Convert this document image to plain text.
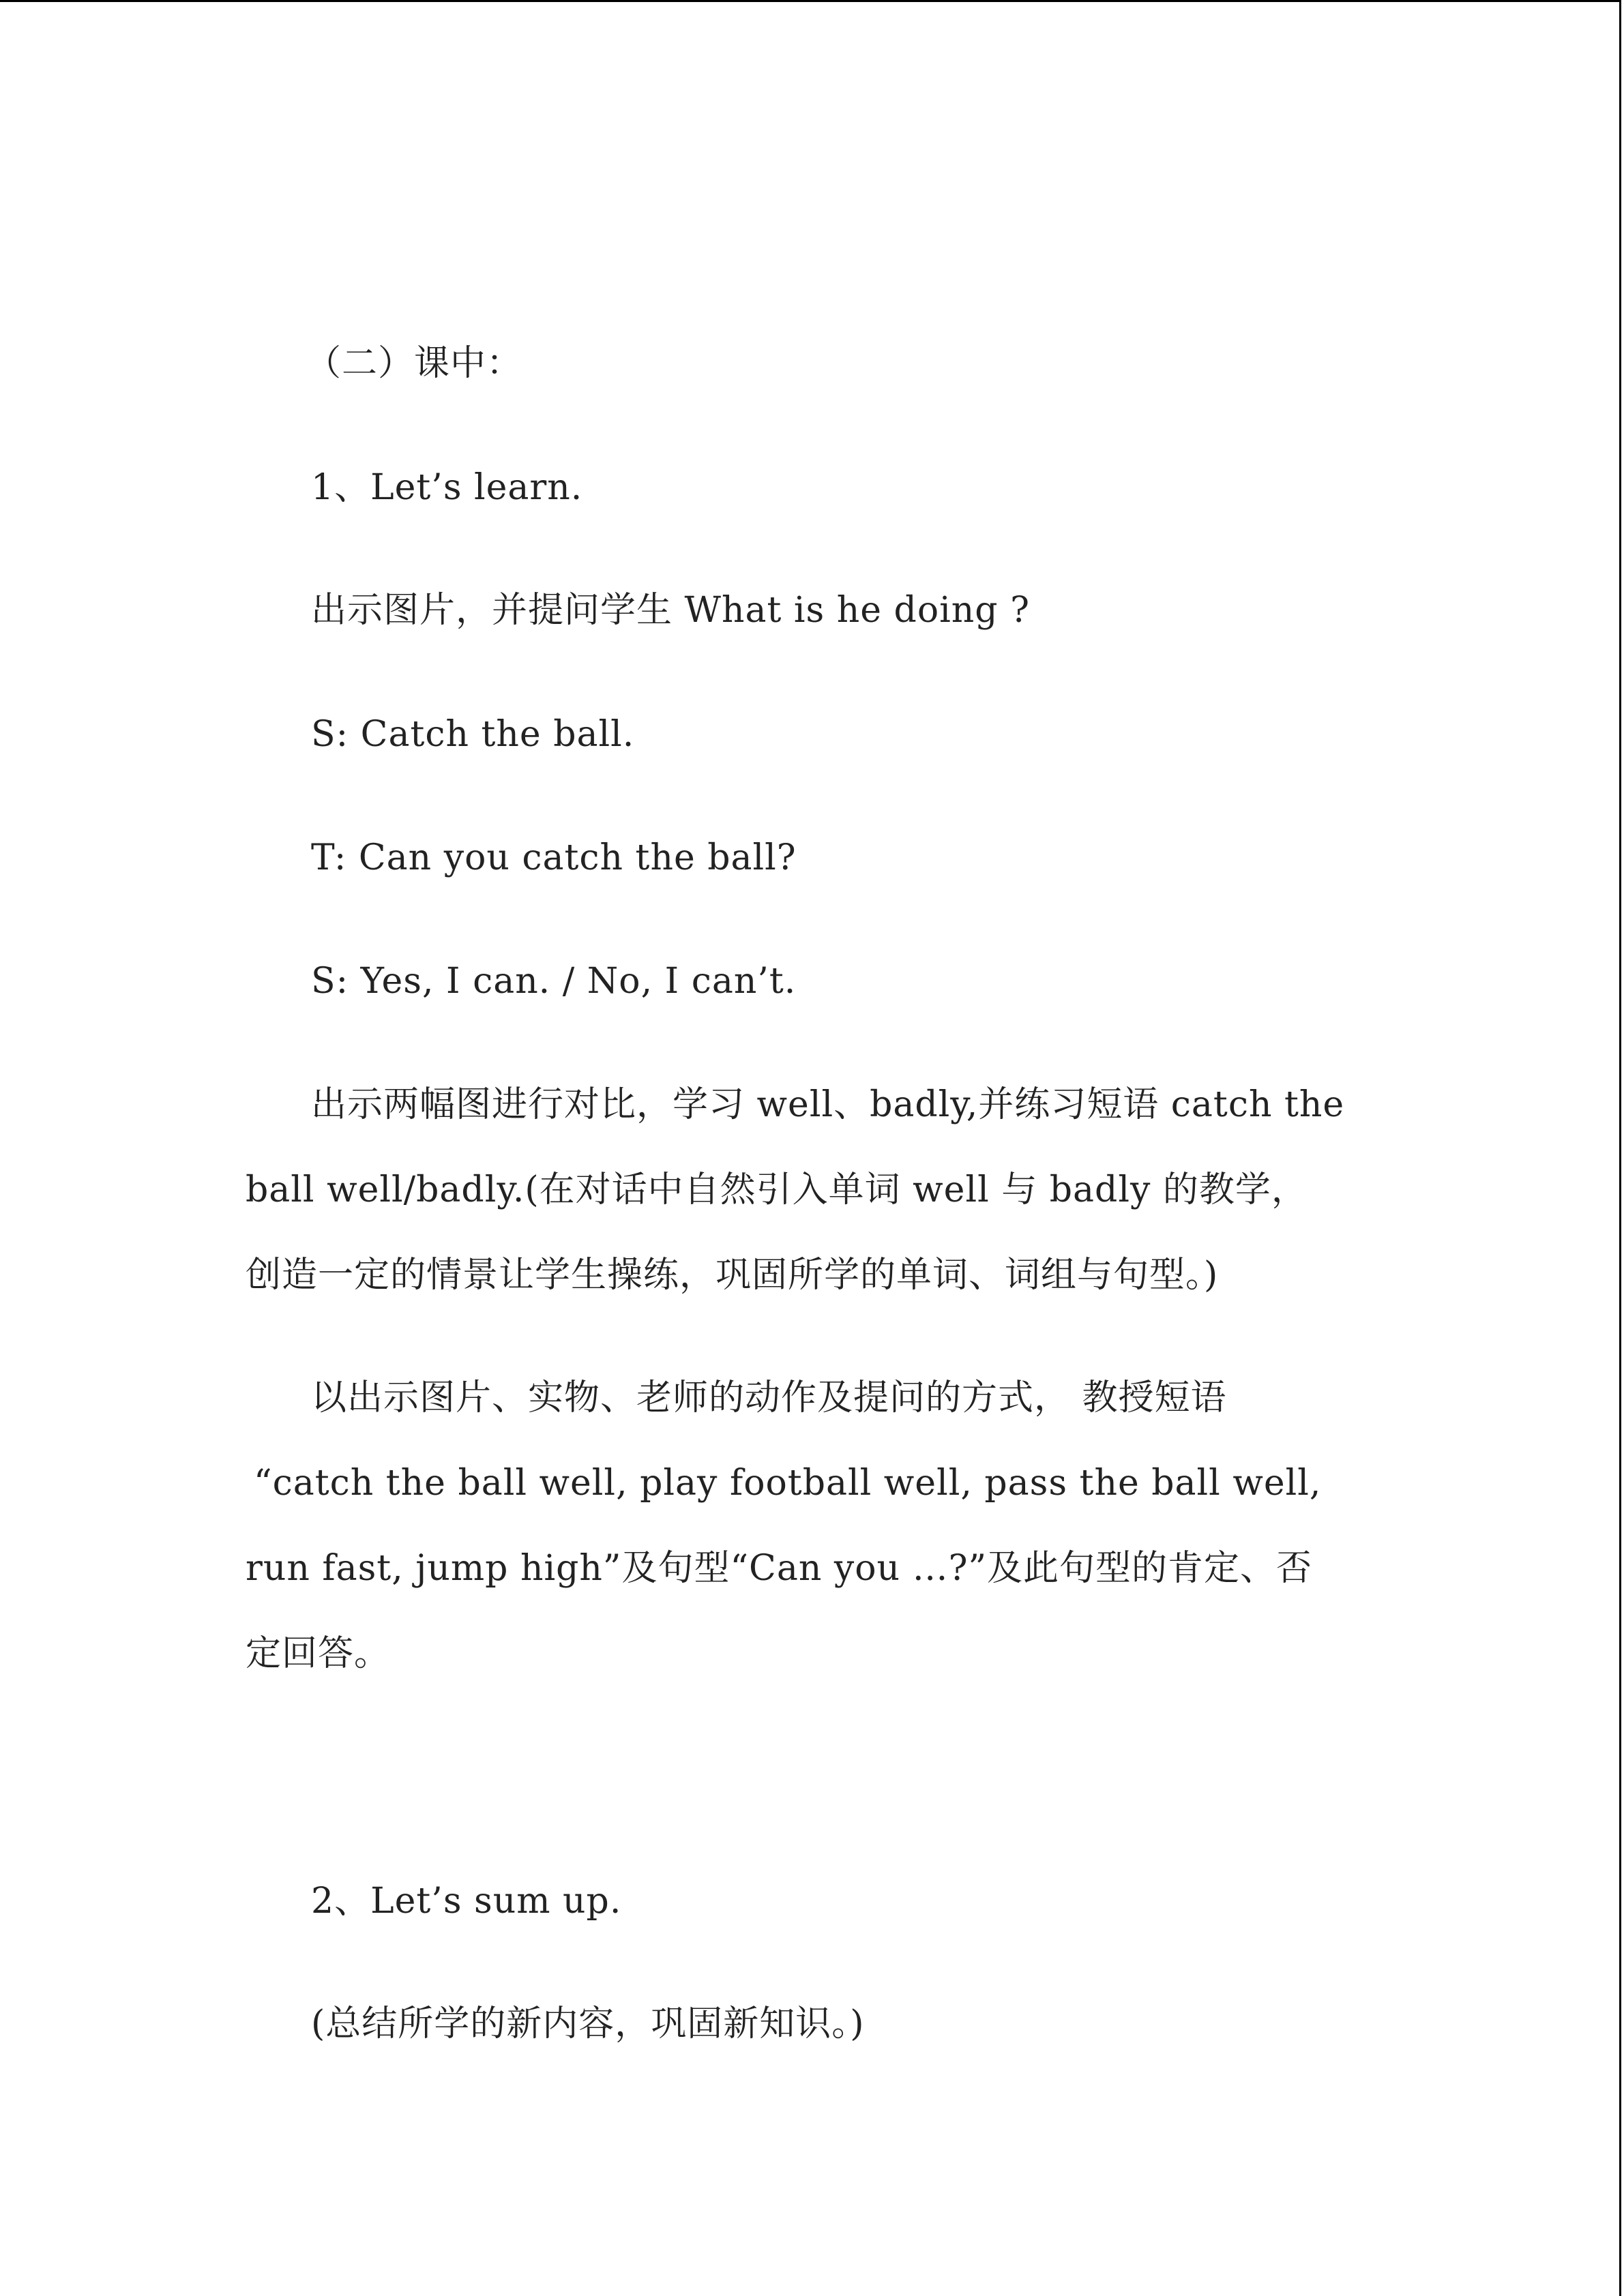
（二）课中：
1、Let’s learn.
出示图片，并提问学生 What is he doing ?
S: Catch the ball.
T: Can you catch the ball?
S: Yes, I can. / No, I can’t.
出示两幅图进行对比，学习 well、badly,并练习短语 catch the
ball well/badly.(在对话中自然引入单词 well 与 badly 的教学，
创造一定的情景让学生操练，巩固所学的单词、词组与句型。)
以出示图片、实物、老师的动作及提问的方式， 教授短语
“catch the ball well, play football well, pass the ball well,
run fast, jump high”及句型“Can you …?”及此句型的肯定、否
定回答。
2、Let’s sum up.
(总结所学的新内容，巩固新知识。)
